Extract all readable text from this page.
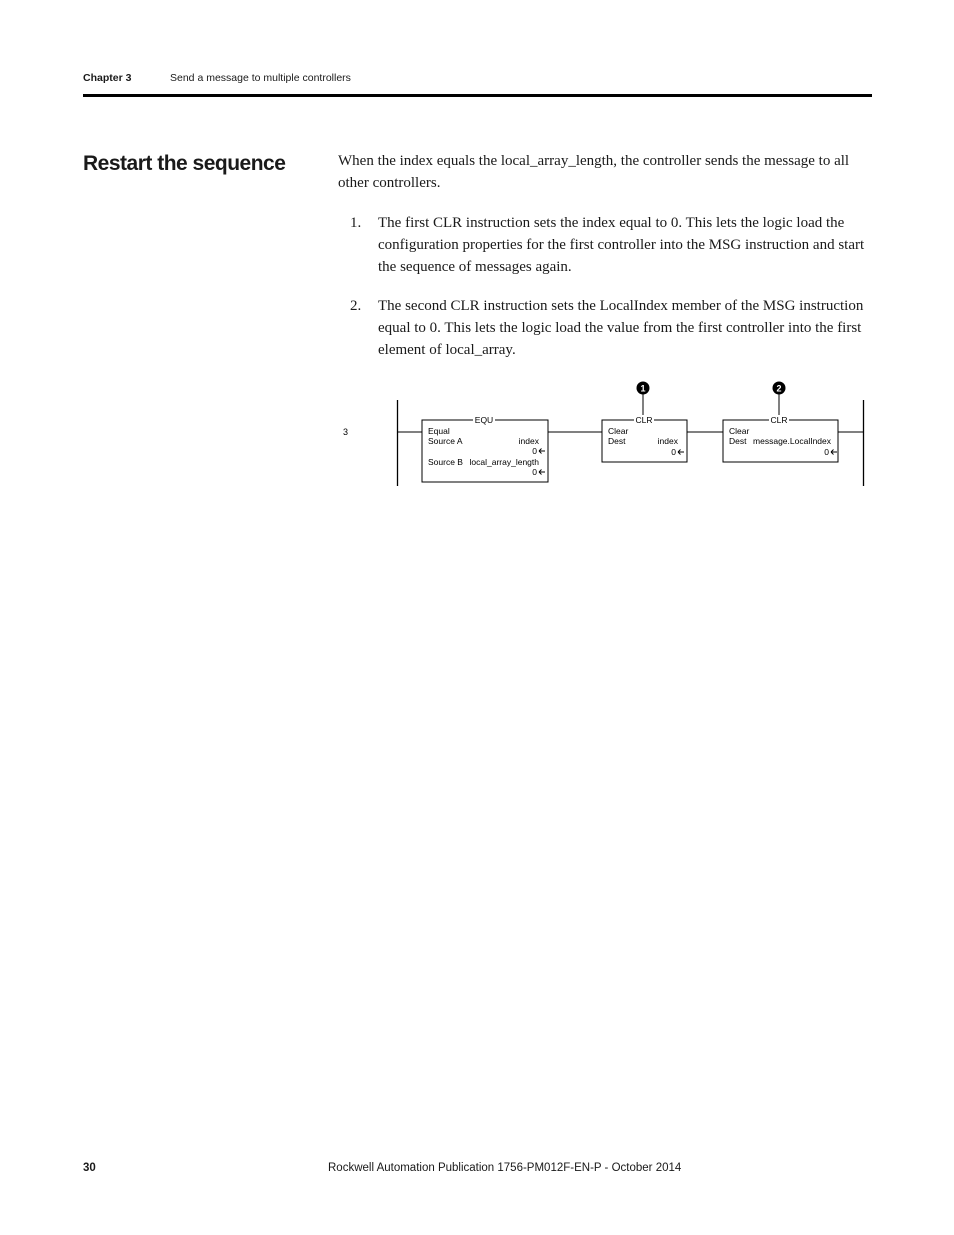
Chapter 3	Send a message to multiple controllers
Restart the sequence	When the index equals the local_array_length, the controller sends the message to all other controllers.

1. The first CLR instruction sets the index equal to 0. This lets the logic load the configuration properties for the first controller into the MSG instruction and start the sequence of messages again.
2. The second CLR instruction sets the LocalIndex member of the MSG instruction equal to 0. This lets the logic load the value from the first controller into the first element of local_array.
3
EQU
Equal
Source A	index
0
Source B local_array_length
0
CLR
Clear
Dest	index
0
CLR
Clear
Dest message.LocalIndex
0
1	2
30	Rockwell Automation Publication 1756-PM012F-EN-P - October 2014
